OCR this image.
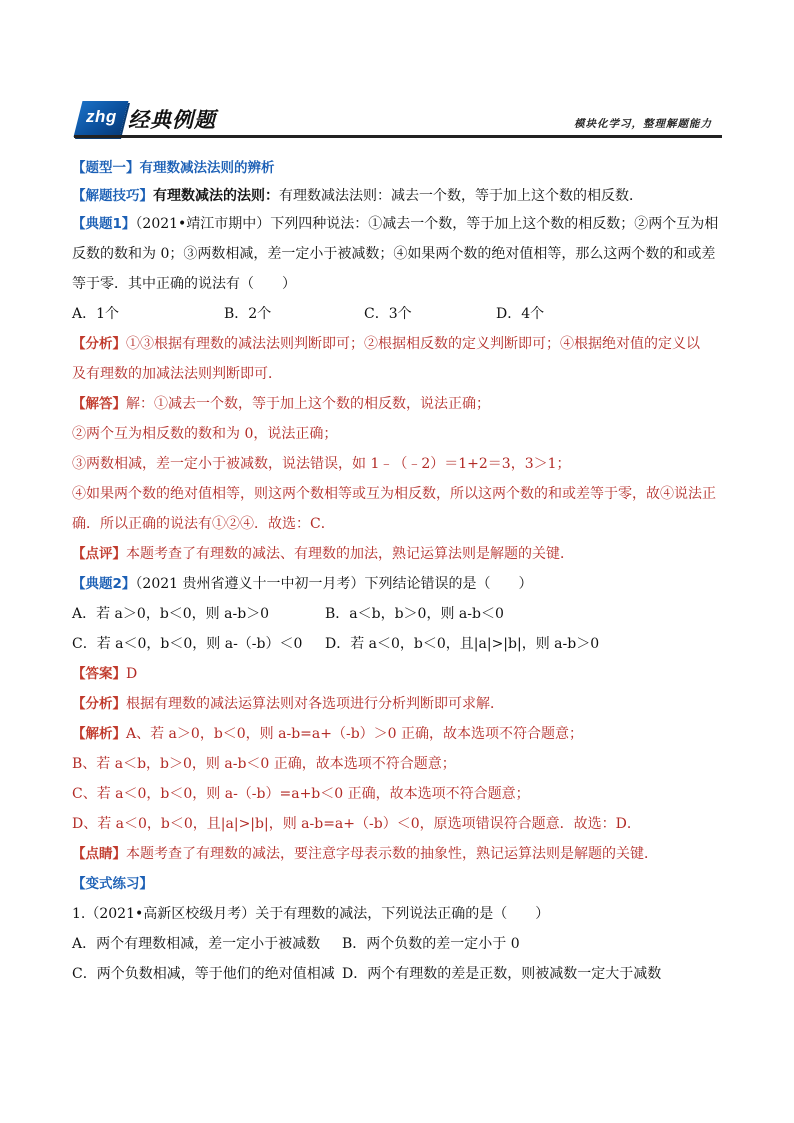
zhg 经典例题	模块化学习，整理解题能力

【题型一】有理数减法法则的辨析

【解题技巧】有理数减法的法则：有理数减法法则：减去一个数，等于加上这个数的相反数．

【典题1】（2021•靖江市期中）下列四种说法：①减去一个数，等于加上这个数的相反数；②两个互为相

反数的数和为 0；③两数相减，差一定小于被减数；④如果两个数的绝对值相等，那么这两个数的和或差

等于零．其中正确的说法有（　　）

A．1个	B．2个	C．3个	D．4个

【分析】①③根据有理数的减法法则判断即可；②根据相反数的定义判断即可；④根据绝对值的定义以

及有理数的加减法法则判断即可．

【解答】解：①减去一个数，等于加上这个数的相反数，说法正确；

②两个互为相反数的数和为 0，说法正确；

③两数相减，差一定小于被减数，说法错误，如 1﹣（﹣2）＝1+2＝3，3＞1；

④如果两个数的绝对值相等，则这两个数相等或互为相反数，所以这两个数的和或差等于零，故④说法正

确．所以正确的说法有①②④．故选：C．

【点评】本题考查了有理数的减法、有理数的加法，熟记运算法则是解题的关键．

【典题2】（2021 贵州省遵义十一中初一月考）下列结论错误的是（　　）

A．若 a＞0，b＜0，则 a-b＞0	B．a＜b，b＞0，则 a-b＜0
C．若 a＜0，b＜0，则 a-（-b）＜0	D．若 a＜0，b＜0，且|a|>|b|，则 a-b＞0

【答案】D

【分析】根据有理数的减法运算法则对各选项进行分析判断即可求解．

【解析】A、若 a＞0，b＜0，则 a-b=a+（-b）＞0 正确，故本选项不符合题意；

B、若 a＜b，b＞0，则 a-b＜0 正确，故本选项不符合题意；

C、若 a＜0，b＜0，则 a-（-b）=a+b＜0 正确，故本选项不符合题意；

D、若 a＜0，b＜0，且|a|>|b|，则 a-b=a+（-b）＜0，原选项错误符合题意．故选：D．

【点睛】本题考查了有理数的减法，要注意字母表示数的抽象性，熟记运算法则是解题的关键．

【变式练习】

1.（2021•高新区校级月考）关于有理数的减法，下列说法正确的是（　　）

A．两个有理数相减，差一定小于被减数	B．两个负数的差一定小于 0
C．两个负数相减，等于他们的绝对值相减 D．两个有理数的差是正数，则被减数一定大于减数
